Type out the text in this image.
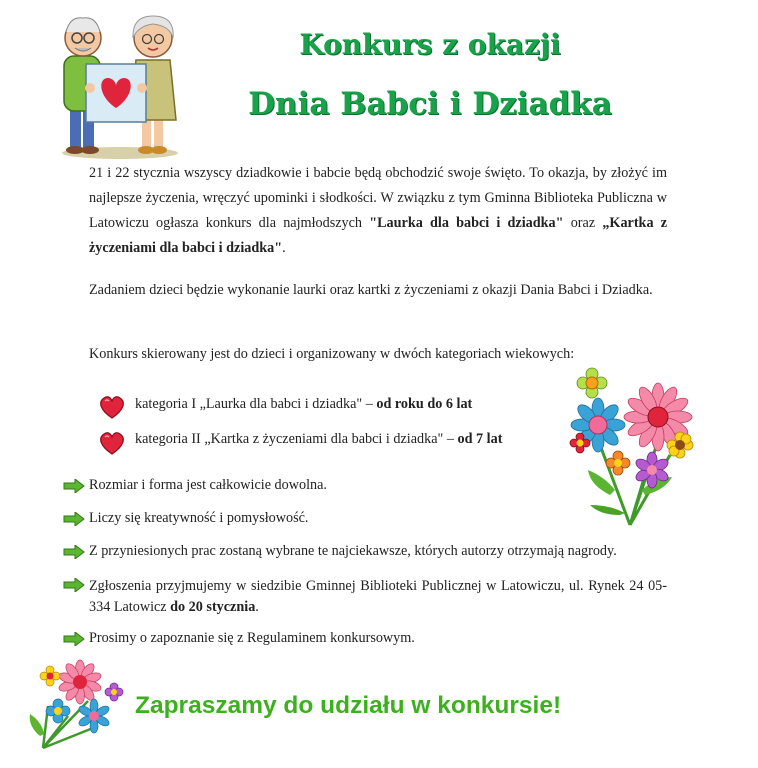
Konkurs z okazji
Dnia Babci i Dziadka

21 i 22 stycznia wszyscy dziadkowie i babcie będą obchodzić swoje święto. To okazja, by złożyć im najlepsze życzenia, wręczyć upominki i słodkości. W związku z tym Gminna Biblioteka Publiczna w Latowiczu ogłasza konkurs dla najmłodszych "Laurka dla babci i dziadka" oraz „Kartka z życzeniami dla babci i dziadka".

Zadaniem dzieci będzie wykonanie laurki oraz kartki z życzeniami z okazji Dania Babci i Dziadka.

Konkurs skierowany jest do dzieci i organizowany w dwóch kategoriach wiekowych:

kategoria I „Laurka dla babci i dziadka" – od roku do 6 lat
kategoria II „Kartka z życzeniami dla babci i dziadka" – od 7 lat
Rozmiar i forma jest całkowicie dowolna.
Liczy się kreatywność i pomysłowość.
Z przyniesionych prac zostaną wybrane te najciekawsze, których autorzy otrzymają nagrody.
Zgłoszenia przyjmujemy w siedzibie Gminnej Biblioteki Publicznej w Latowiczu, ul. Rynek 24 05-334 Latowicz do 20 stycznia.
Prosimy o zapoznanie się z Regulaminem konkursowym.
Zapraszamy do udziału w konkursie!
